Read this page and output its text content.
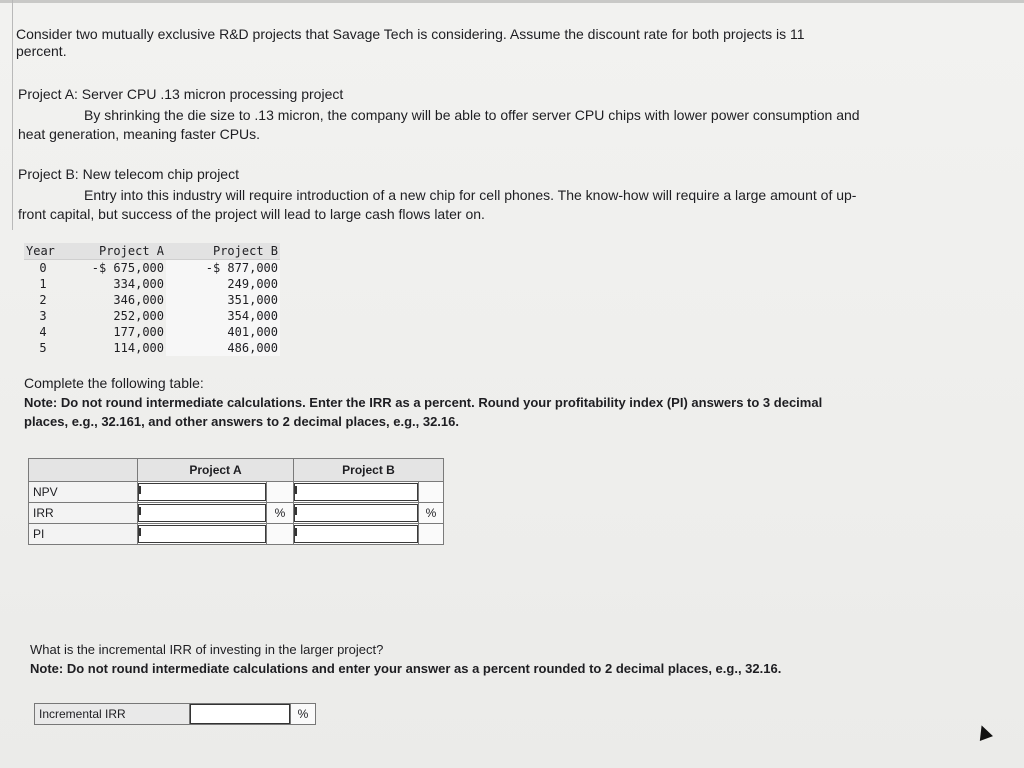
Consider two mutually exclusive R&D projects that Savage Tech is considering. Assume the discount rate for both projects is 11

percent.

Project A: Server CPU .13 micron processing project

By shrinking the die size to .13 micron, the company will be able to offer server CPU chips with lower power consumption and

heat generation, meaning faster CPUs.

Project B: New telecom chip project

Entry into this industry will require introduction of a new chip for cell phones. The know-how will require a large amount of up-

front capital, but success of the project will lead to large cash flows later on.

Year	Project A	Project B
0	-$ 675,000	-$ 877,000
1	334,000	249,000
2	346,000	351,000
3	252,000	354,000
4	177,000	401,000
5	114,000	486,000

Complete the following table:

Note: Do not round intermediate calculations. Enter the IRR as a percent. Round your profitability index (PI) answers to 3 decimal

places, e.g., 32.161, and other answers to 2 decimal places, e.g., 32.16.

	Project A		Project B	
NPV	

IRR		%		%
PI	

What is the incremental IRR of investing in the larger project?

Note: Do not round intermediate calculations and enter your answer as a percent rounded to 2 decimal places, e.g., 32.16.

Incremental IRR	%
